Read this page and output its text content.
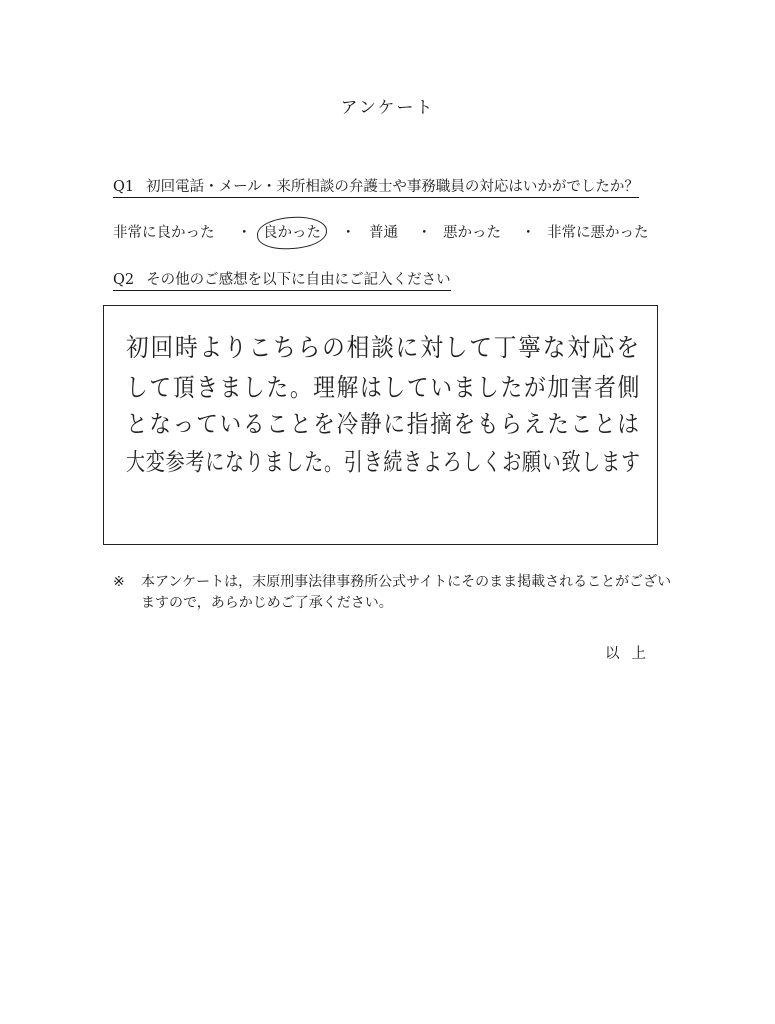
アンケート
Q1 初回電話・メール・来所相談の弁護士や事務職員の対応はいかがでしたか？
非常に良かった ・ 良かった ・ 普通 ・ 悪かった ・ 非常に悪かった
Q2 その他のご感想を以下に自由にご記入ください
初回時よりこちらの相談に対して丁寧な対応を
して頂きました。理解はしていましたが加害者側
となっていることを冷静に指摘をもらえたことは
大変参考になりました。引き続きよろしくお願い致します
※ 本アンケートは，末原刑事法律事務所公式サイトにそのまま掲載されることがございますので，あらかじめご了承ください。
以上
